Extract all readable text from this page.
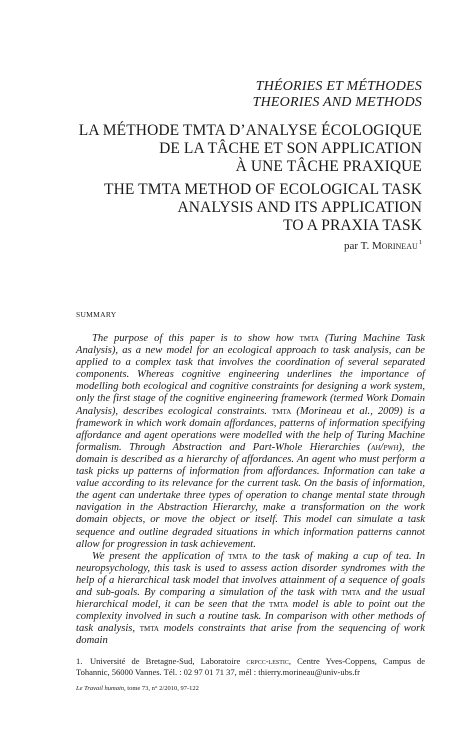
THÉORIES ET MÉTHODES
THEORIES AND METHODS
LA MÉTHODE TMTA D’ANALYSE ÉCOLOGIQUE
DE LA TÂCHE ET SON APPLICATION
À UNE TÂCHE PRAXIQUE
THE TMTA METHOD OF ECOLOGICAL TASK
ANALYSIS AND ITS APPLICATION
TO A PRAXIA TASK
par T. Morineau$^1$
SUMMARY

The purpose of this paper is to show how tmta (Turing Machine Task Analysis), as a new model for an ecological approach to task analysis, can be applied to a complex task that involves the coordination of several separated components. Whereas cognitive engineering underlines the importance of modelling both ecological and cognitive constraints for designing a work system, only the first stage of the cognitive engineering framework (termed Work Domain Analysis), describes ecological constraints. tmta (Morineau et al., 2009) is a framework in which work domain affordances, patterns of information specifying affordance and agent operations were modelled with the help of Turing Machine formalism. Through Abstraction and Part-Whole Hierarchies (ah/pwh), the domain is described as a hierarchy of affordances. An agent who must perform a task picks up patterns of information from affordances. Information can take a value according to its relevance for the current task. On the basis of information, the agent can undertake three types of operation to change mental state through navigation in the Abstraction Hierarchy, make a transformation on the work domain objects, or move the object or itself. This model can simulate a task sequence and outline degraded situations in which information patterns cannot allow for progression in task achievement.

We present the application of tmta to the task of making a cup of tea. In neuropsychology, this task is used to assess action disorder syndromes with the help of a hierarchical task model that involves attainment of a sequence of goals and sub-goals. By comparing a simulation of the task with tmta and the usual hierarchical model, it can be seen that the tmta model is able to point out the complexity involved in such a routine task. In comparison with other methods of task analysis, tmta models constraints that arise from the sequencing of work domain

1. Université de Bretagne-Sud, Laboratoire crpcc-lestic, Centre Yves-Coppens, Campus de Tohannic, 56000 Vannes. Tél. : 02 97 01 71 37, mél : thierry.morineau@univ-ubs.fr
Le Travail humain, tome 73, n° 2/2010, 97-122
